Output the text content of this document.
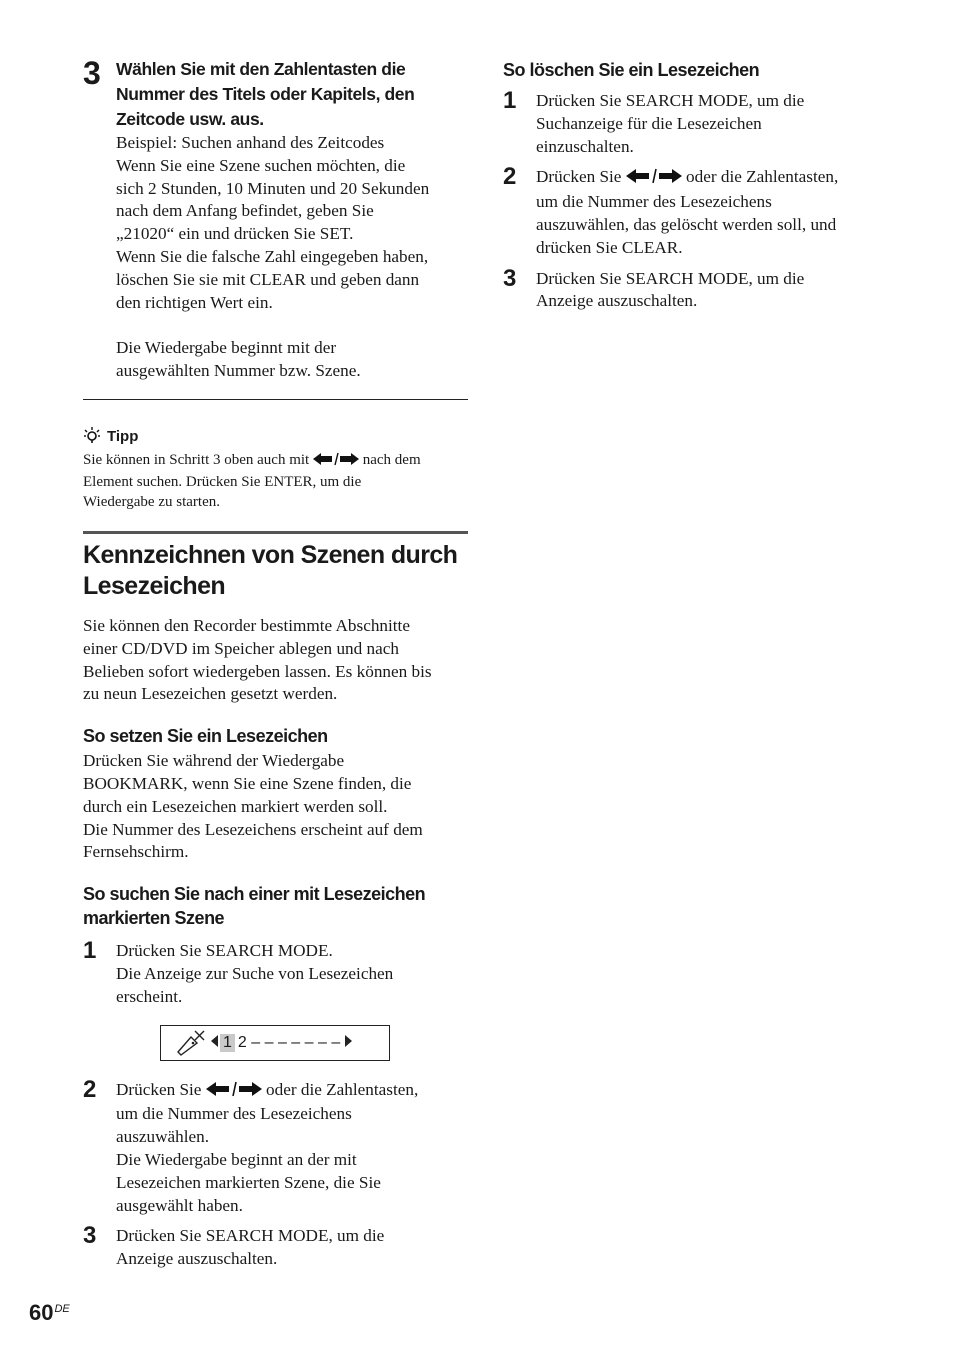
3 Wählen Sie mit den Zahlentasten die
Nummer des Titels oder Kapitels, den
Zeitcode usw. aus.
Beispiel: Suchen anhand des Zeitcodes
Wenn Sie eine Szene suchen möchten, die
sich 2 Stunden, 10 Minuten und 20 Sekunden
nach dem Anfang befindet, geben Sie
„21020“ ein und drücken Sie SET.
Wenn Sie die falsche Zahl eingegeben haben,
löschen Sie sie mit CLEAR und geben dann
den richtigen Wert ein.
Die Wiedergabe beginnt mit der
ausgewählten Nummer bzw. Szene.
Tipp
Sie können in Schritt 3 oben auch mit	nach dem
Element suchen. Drücken Sie ENTER, um die
Wiedergabe zu starten.
Kennzeichnen von Szenen durch
Lesezeichen
Sie können den Recorder bestimmte Abschnitte
einer CD/DVD im Speicher ablegen und nach
Belieben sofort wiedergeben lassen. Es können bis
zu neun Lesezeichen gesetzt werden.
So setzen Sie ein Lesezeichen
Drücken Sie während der Wiedergabe
BOOKMARK, wenn Sie eine Szene finden, die
durch ein Lesezeichen markiert werden soll.
Die Nummer des Lesezeichens erscheint auf dem
Fernsehschirm.
So suchen Sie nach einer mit Lesezeichen
markierten Szene
1 Drücken Sie SEARCH MODE.
Die Anzeige zur Suche von Lesezeichen
erscheint.
1 2 – – – – – – –
2 Drücken Sie	oder die Zahlentasten,
um die Nummer des Lesezeichens
auszuwählen.
Die Wiedergabe beginnt an der mit
Lesezeichen markierten Szene, die Sie
ausgewählt haben.
3 Drücken Sie SEARCH MODE, um die
Anzeige auszuschalten.
So löschen Sie ein Lesezeichen
1 Drücken Sie SEARCH MODE, um die
Suchanzeige für die Lesezeichen
einzuschalten.
2 Drücken Sie	oder die Zahlentasten,
um die Nummer des Lesezeichens
auszuwählen, das gelöscht werden soll, und
drücken Sie CLEAR.
3 Drücken Sie SEARCH MODE, um die
Anzeige auszuschalten.
60DE
